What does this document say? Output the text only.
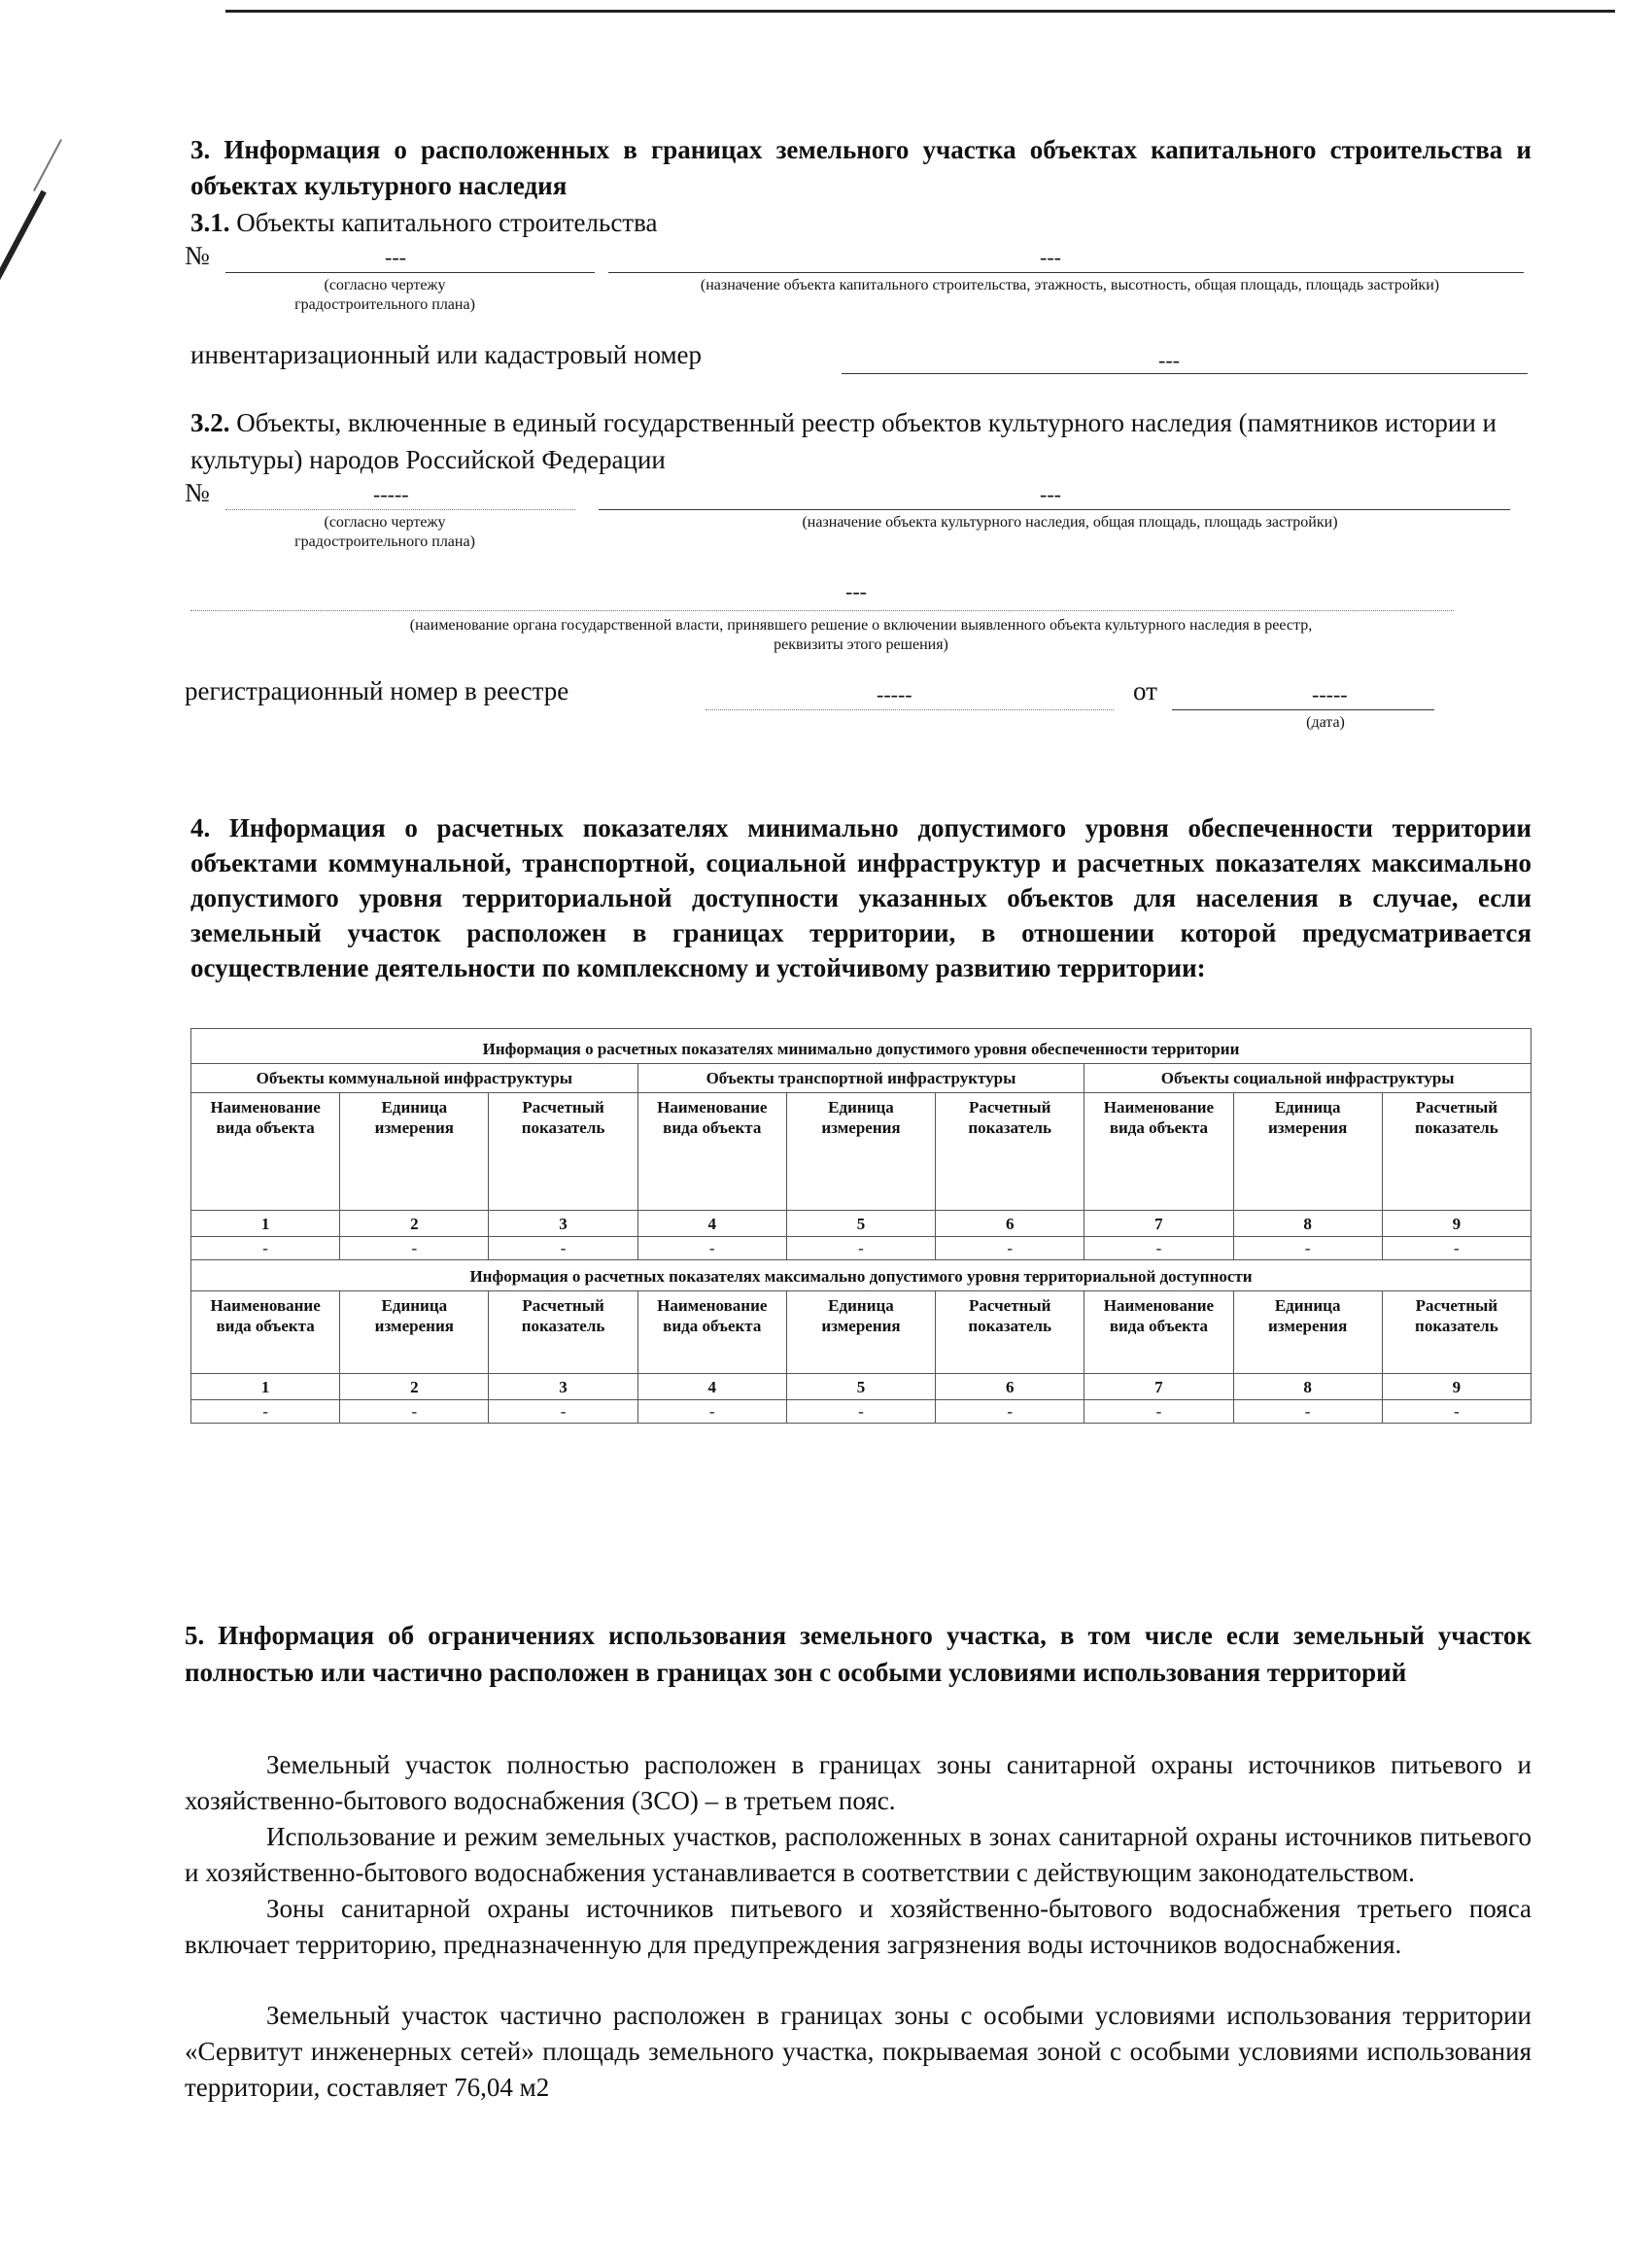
3. Информация о расположенных в границах земельного участка объектах капитального строительства и объектах культурного наследия
3.1. Объекты капитального строительства
№	---	---
(согласно чертежу градостроительного плана)
(назначение объекта капитального строительства, этажность, высотность, общая площадь, площадь застройки)
инвентаризационный или кадастровый номер	---
3.2. Объекты, включенные в единый государственный реестр объектов культурного наследия (памятников истории и культуры) народов Российской Федерации
№	-----	---
(согласно чертежу градостроительного плана)
(назначение объекта культурного наследия, общая площадь, площадь застройки)
---
(наименование органа государственной власти, принявшего решение о включении выявленного объекта культурного наследия в реестр, реквизиты этого решения)
регистрационный номер в реестре	-----	от	-----
(дата)
4. Информация о расчетных показателях минимально допустимого уровня обеспеченности территории объектами коммунальной, транспортной, социальной инфраструктур и расчетных показателях максимально допустимого уровня территориальной доступности указанных объектов для населения в случае, если земельный участок расположен в границах территории, в отношении которой предусматривается осуществление деятельности по комплексному и устойчивому развитию территории:
Информация о расчетных показателях минимально допустимого уровня обеспеченности территории								
Объекты коммунальной инфраструктуры			Объекты транспортной инфраструктуры			Объекты социальной инфраструктуры		
Наименование вида объекта	Единица измерения	Расчетный показатель	Наименование вида объекта	Единица измерения	Расчетный показатель	Наименование вида объекта	Единица измерения	Расчетный показатель
1	2	3	4	5	6	7	8	9
-	-	-	-	-	-	-	-	-
Информация о расчетных показателях максимально допустимого уровня территориальной доступности								
Наименование вида объекта	Единица измерения	Расчетный показатель	Наименование вида объекта	Единица измерения	Расчетный показатель	Наименование вида объекта	Единица измерения	Расчетный показатель
1	2	3	4	5	6	7	8	9
-	-	-	-	-	-	-	-	-
5. Информация об ограничениях использования земельного участка, в том числе если земельный участок полностью или частично расположен в границах зон с особыми условиями использования территорий

Земельный участок полностью расположен в границах зоны санитарной охраны источников питьевого и хозяйственно-бытового водоснабжения (ЗСО) – в третьем пояс.

Использование и режим земельных участков, расположенных в зонах санитарной охраны источников питьевого и хозяйственно-бытового водоснабжения устанавливается в соответствии с действующим законодательством.

Зоны санитарной охраны источников питьевого и хозяйственно-бытового водоснабжения третьего пояса включает территорию, предназначенную для предупреждения загрязнения воды источников водоснабжения.

Земельный участок частично расположен в границах зоны с особыми условиями использования территории «Сервитут инженерных сетей» площадь земельного участка, покрываемая зоной с особыми условиями использования территории, составляет 76,04 м2
